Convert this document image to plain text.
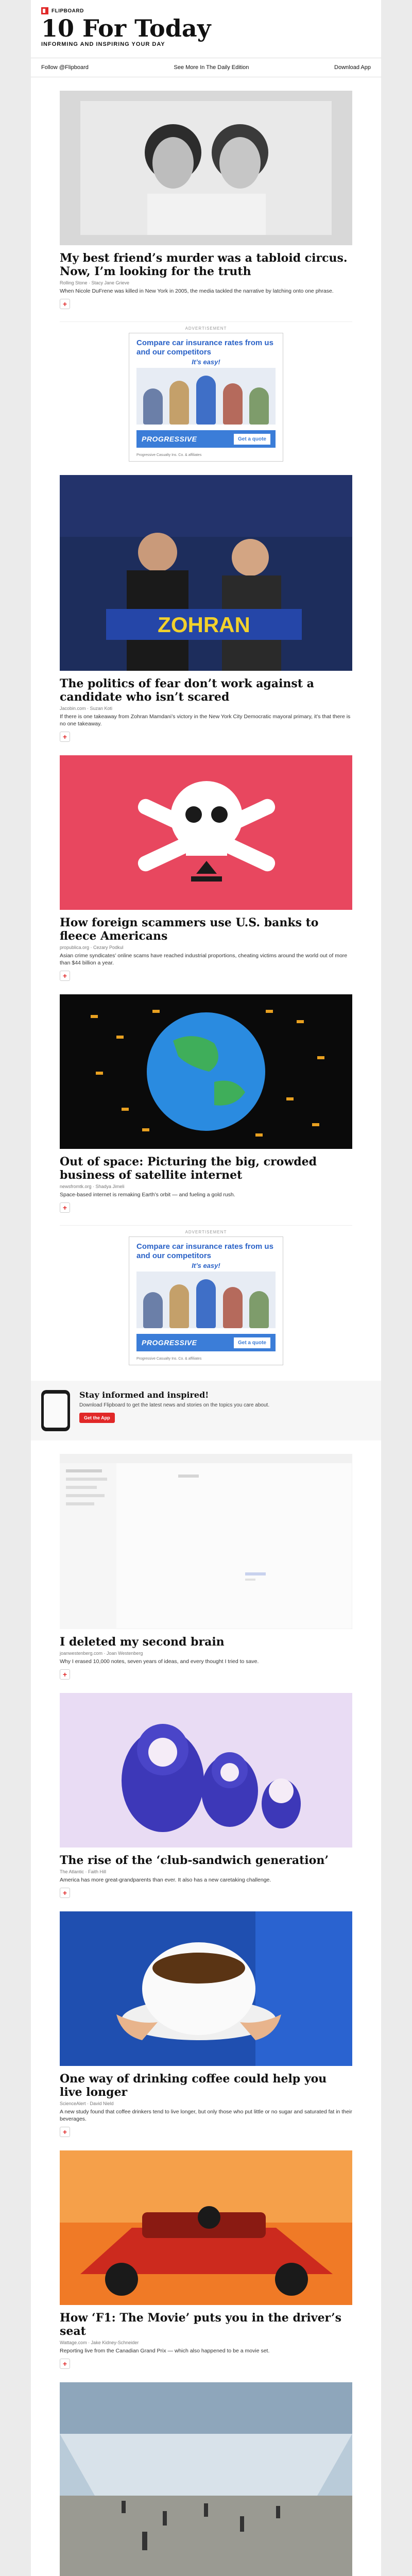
FLIPBOARD
10 For Today
INFORMING AND INSPIRING YOUR DAY
Follow @Flipboard	See More In The Daily Edition	Download App
My best friend’s murder was a tabloid circus. Now, I’m looking for the truth
Rolling Stone · Stacy Jane Grieve

When Nicole DuFrene was killed in New York in 2005, the media tackled the narrative by latching onto one phrase.

+
ADVERTISEMENT
Compare car insurance rates from us and our competitors
It’s easy!
PROGRESSIVE	Get a quote
Progressive Casualty Ins. Co. & affiliates
ZOHRAN
The politics of fear don’t work against a candidate who isn’t scared
Jacobin.com · Suzan Koti

If there is one takeaway from Zohran Mamdani’s victory in the New York City Democratic mayoral primary, it’s that there is no one takeaway.

+
How foreign scammers use U.S. banks to fleece Americans
propublica.org · Cezary Podkul

Asian crime syndicates’ online scams have reached industrial proportions, cheating victims around the world out of more than $44 billion a year.

+
Out of space: Picturing the big, crowded business of satellite internet
newsfromtk.org · Shadya Jimeli

Space-based internet is remaking Earth’s orbit — and fueling a gold rush.

+
ADVERTISEMENT
Compare car insurance rates from us and our competitors
It’s easy!
PROGRESSIVE	Get a quote
Progressive Casualty Ins. Co. & affiliates
Stay informed and inspired!
Download Flipboard to get the latest news and stories on the topics you care about.
Get the App
I deleted my second brain
joanwestenberg.com · Joan Westenberg

Why I erased 10,000 notes, seven years of ideas, and every thought I tried to save.

+
The rise of the ‘club-sandwich generation’
The Atlantic · Faith Hill

America has more great-grandparents than ever. It also has a new caretaking challenge.

+
One way of drinking coffee could help you live longer
ScienceAlert · David Nield

A new study found that coffee drinkers tend to live longer, but only those who put little or no sugar and saturated fat in their beverages.

+
How ‘F1: The Movie’ puts you in the driver’s seat
Wattage.com · Jake Kidney-Schneider

Reporting live from the Canadian Grand Prix — which also happened to be a movie set.

+
